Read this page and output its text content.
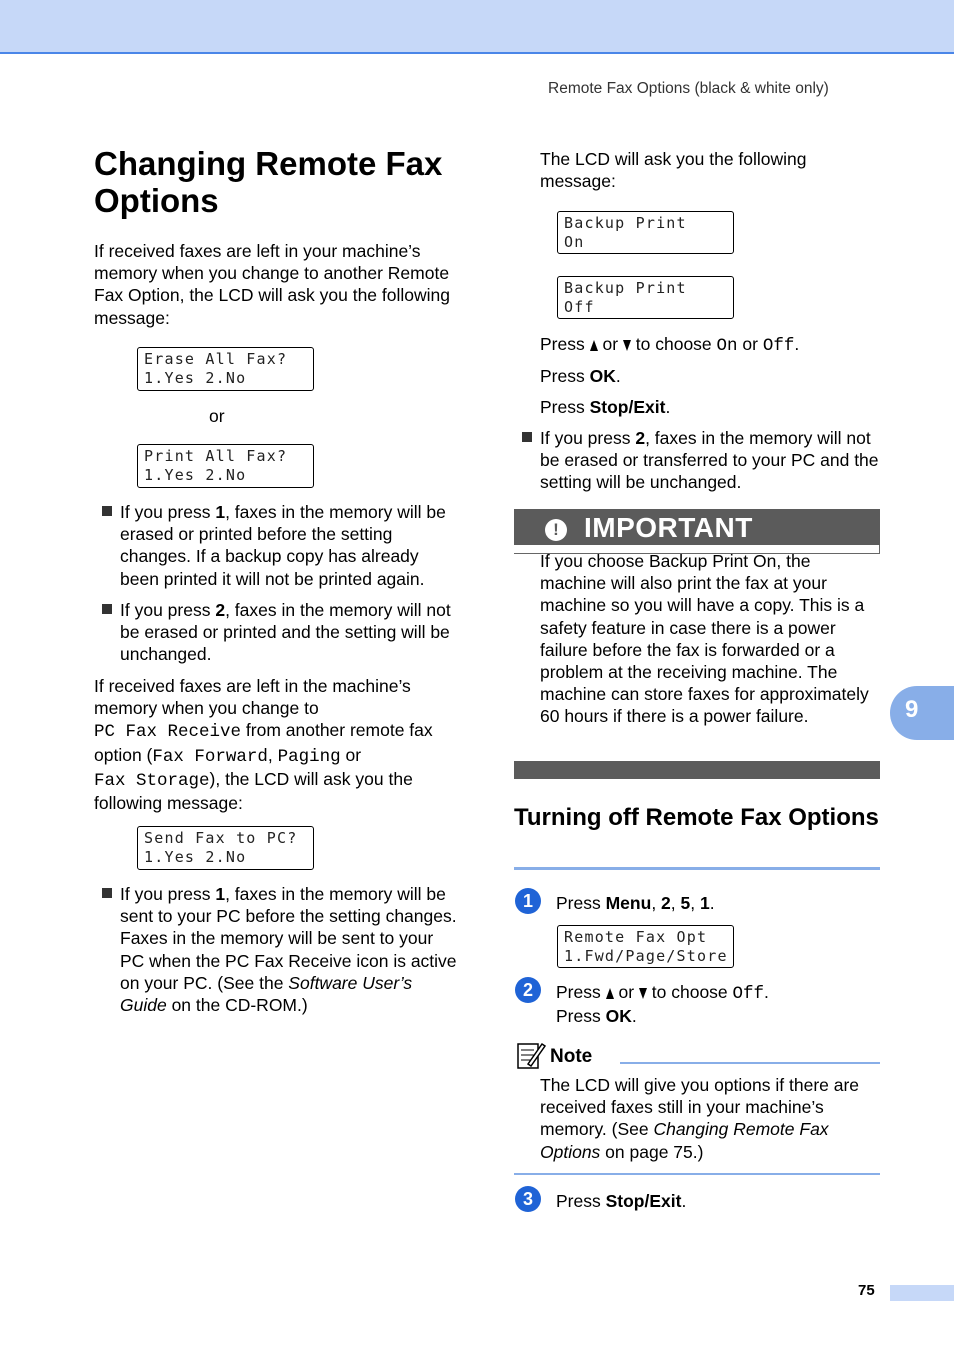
Remote Fax Options (black & white only)
Changing Remote Fax Options
If received faxes are left in your machine’s memory when you change to another Remote Fax Option, the LCD will ask you the following message:
Erase All Fax?
1.Yes 2.No
or
Print All Fax?
1.Yes 2.No
If you press 1, faxes in the memory will be erased or printed before the setting changes. If a backup copy has already been printed it will not be printed again.
If you press 2, faxes in the memory will not be erased or printed and the setting will be unchanged.
If received faxes are left in the machine’s memory when you change to
PC Fax Receive from another remote fax option (Fax Forward, Paging or
Fax Storage), the LCD will ask you the following message:
Send Fax to PC?
1.Yes 2.No
If you press 1, faxes in the memory will be sent to your PC before the setting changes. Faxes in the memory will be sent to your PC when the PC Fax Receive icon is active on your PC. (See the Software User’s Guide on the CD-ROM.)
The LCD will ask you the following message:
Backup Print
On
Backup Print
Off
Press  or  to choose On or Off.
Press OK.
Press Stop/Exit.
If you press 2, faxes in the memory will not be erased or transferred to your PC and the setting will be unchanged.
! IMPORTANT
If you choose Backup Print On, the machine will also print the fax at your machine so you will have a copy. This is a safety feature in case there is a power failure before the fax is forwarded or a problem at the receiving machine. The machine can store faxes for approximately 60 hours if there is a power failure.
Turning off Remote Fax Options
1	Press Menu, 2, 5, 1.
Remote Fax Opt
1.Fwd/Page/Store
2	Press  or  to choose Off.
Press OK.
Note
The LCD will give you options if there are received faxes still in your machine’s memory. (See Changing Remote Fax Options on page 75.)
3	Press Stop/Exit.
9
75
